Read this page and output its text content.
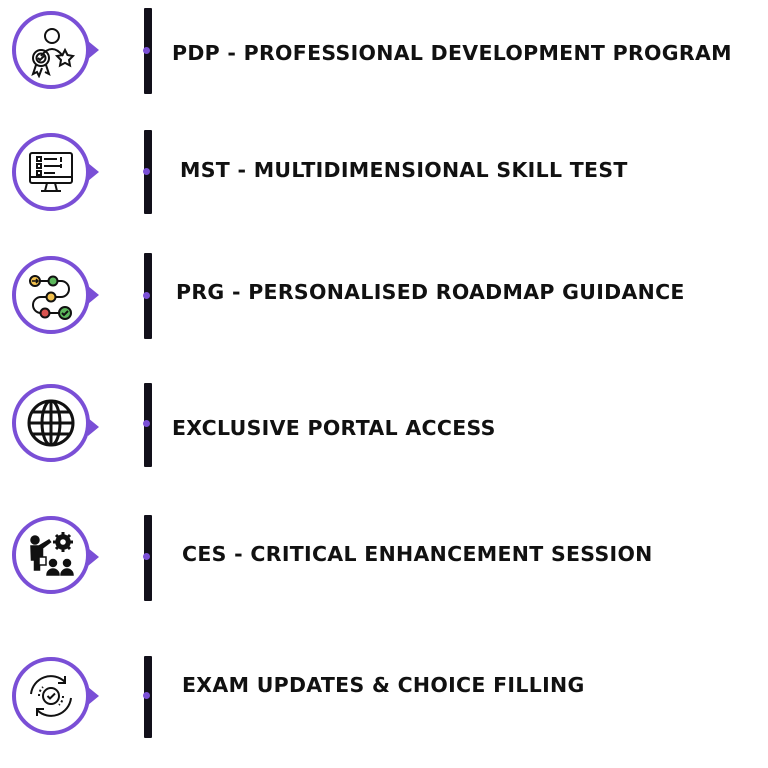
PDP - PROFESSIONAL DEVELOPMENT PROGRAM
MST - MULTIDIMENSIONAL SKILL TEST
PRG - PERSONALISED ROADMAP GUIDANCE
EXCLUSIVE PORTAL ACCESS
CES - CRITICAL ENHANCEMENT SESSION
EXAM UPDATES & CHOICE FILLING
